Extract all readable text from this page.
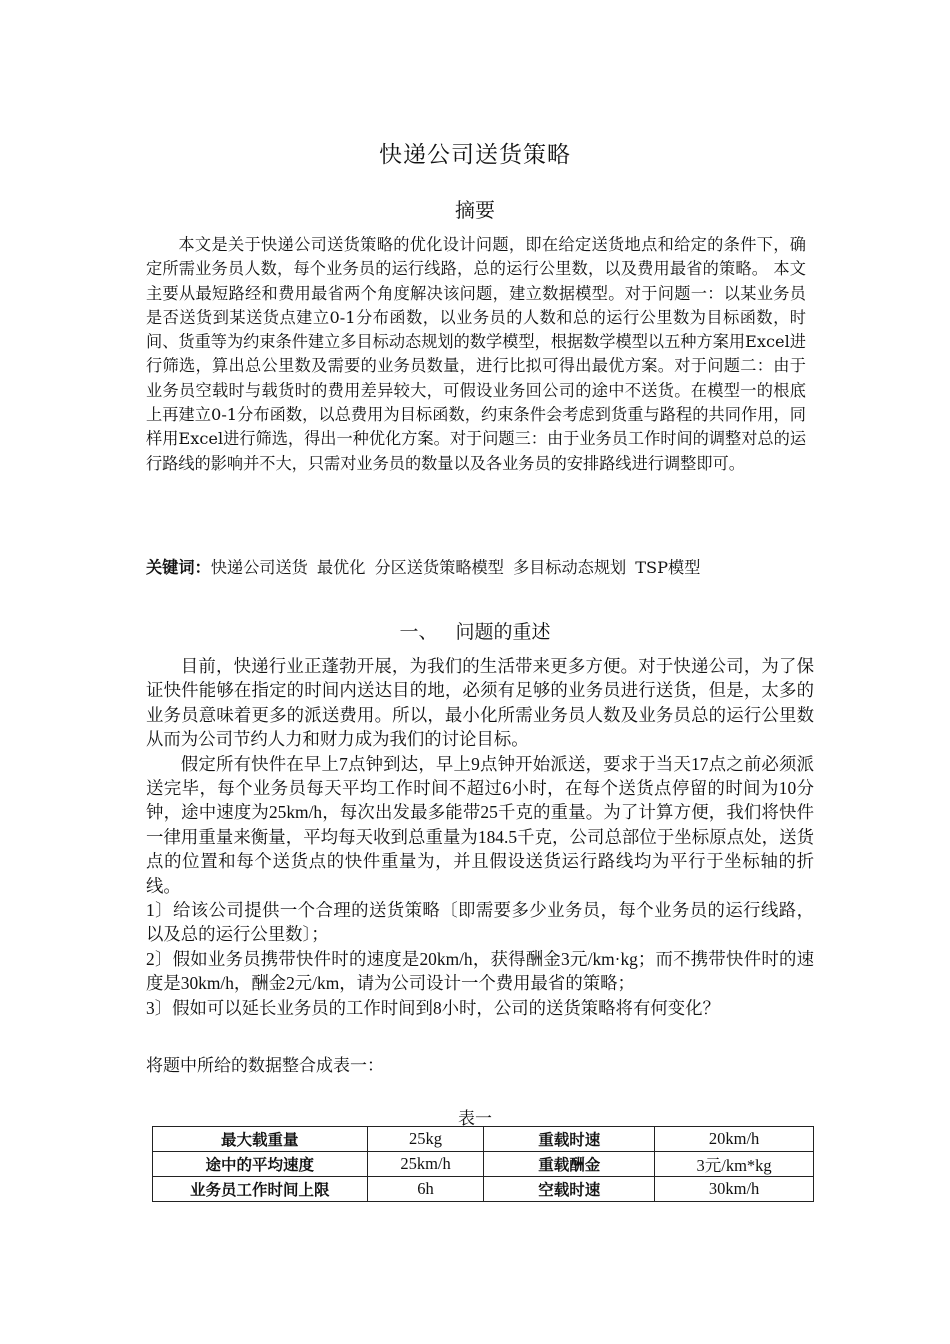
快递公司送货策略
摘要
本文是关于快递公司送货策略的优化设计问题，即在给定送货地点和给定的条件下，确定所需业务员人数，每个业务员的运行线路，总的运行公里数，以及费用最省的策略。 本文主要从最短路经和费用最省两个角度解决该问题，建立数据模型。对于问题一：以某业务员是否送货到某送货点建立0-1分布函数，以业务员的人数和总的运行公里数为目标函数，时间、货重等为约束条件建立多目标动态规划的数学模型，根据数学模型以五种方案用Excel进行筛选，算出总公里数及需要的业务员数量，进行比拟可得出最优方案。对于问题二：由于业务员空载时与载货时的费用差异较大，可假设业务回公司的途中不送货。在模型一的根底上再建立0-1分布函数，以总费用为目标函数，约束条件会考虑到货重与路程的共同作用，同样用Excel进行筛选，得出一种优化方案。对于问题三：由于业务员工作时间的调整对总的运行路线的影响并不大，只需对业务员的数量以及各业务员的安排路线进行调整即可。
关键词：快递公司送货 最优化 分区送货策略模型 多目标动态规划 TSP模型
一、 问题的重述

目前，快递行业正蓬勃开展，为我们的生活带来更多方便。对于快递公司，为了保证快件能够在指定的时间内送达目的地，必须有足够的业务员进行送货，但是，太多的业务员意味着更多的派送费用。所以，最小化所需业务员人数及业务员总的运行公里数从而为公司节约人力和财力成为我们的讨论目标。

假定所有快件在早上7点钟到达，早上9点钟开始派送，要求于当天17点之前必须派送完毕，每个业务员每天平均工作时间不超过6小时，在每个送货点停留的时间为10分钟，途中速度为25km/h，每次出发最多能带25千克的重量。为了计算方便，我们将快件一律用重量来衡量，平均每天收到总重量为184.5千克，公司总部位于坐标原点处，送货点的位置和每个送货点的快件重量为，并且假设送货运行路线均为平行于坐标轴的折线。

1〕给该公司提供一个合理的送货策略〔即需要多少业务员，每个业务员的运行线路，以及总的运行公里数〕；

2〕假如业务员携带快件时的速度是20km/h，获得酬金3元/km·kg；而不携带快件时的速度是30km/h，酬金2元/km，请为公司设计一个费用最省的策略；

3〕假如可以延长业务员的工作时间到8小时，公司的送货策略将有何变化？

将题中所给的数据整合成表一：
表一
最大载重量	25kg	重载时速	20km/h
途中的平均速度	25km/h	重载酬金	3元/km*kg
业务员工作时间上限	6h	空载时速	30km/h
